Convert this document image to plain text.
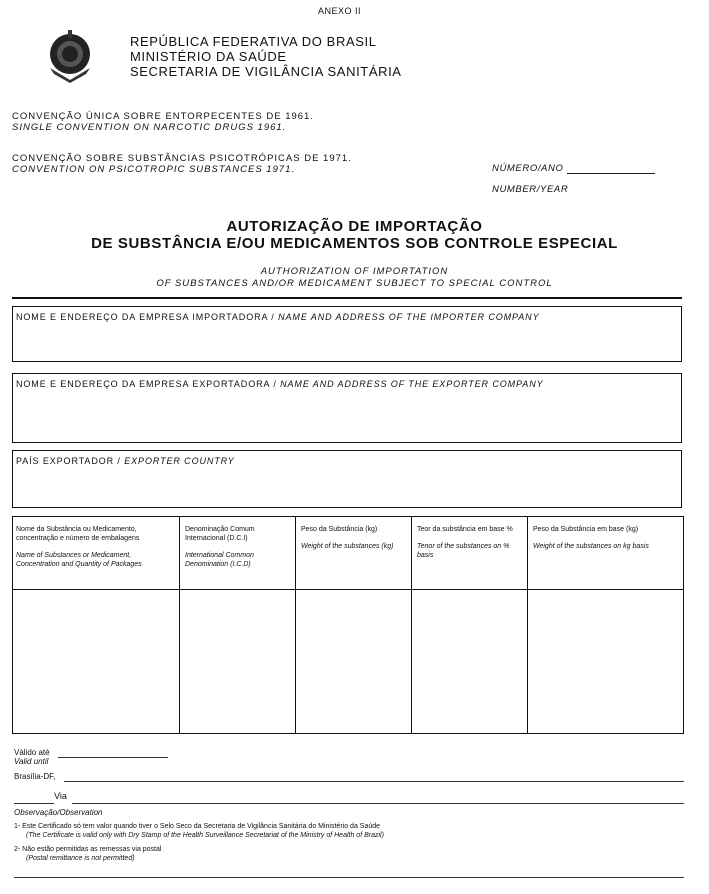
ANEXO II
REPÚBLICA FEDERATIVA DO BRASIL
MINISTÉRIO DA SAÚDE
SECRETARIA DE VIGILÂNCIA SANITÁRIA
CONVENÇÃO ÚNICA SOBRE ENTORPECENTES DE 1961.
SINGLE CONVENTION ON NARCOTIC DRUGS 1961.
CONVENÇÃO SOBRE SUBSTÂNCIAS PSICOTRÓPICAS DE 1971.
CONVENTION ON PSICOTROPIC SUBSTANCES 1971.	NÚMERO/ANO
NUMBER/YEAR
AUTORIZAÇÃO DE IMPORTAÇÃO
DE SUBSTÂNCIA E/OU MEDICAMENTOS SOB CONTROLE ESPECIAL
AUTHORIZATION OF IMPORTATION
OF SUBSTANCES AND/OR MEDICAMENT SUBJECT TO SPECIAL CONTROL
NOME E ENDEREÇO DA EMPRESA IMPORTADORA / NAME AND ADDRESS OF THE IMPORTER COMPANY
NOME E ENDEREÇO DA EMPRESA EXPORTADORA / NAME AND ADDRESS OF THE EXPORTER COMPANY
PAÍS EXPORTADOR / EXPORTER COUNTRY
Nome da Substância ou Medicamento, concentração e número de embalagens
Name of Substances or Medicament, Concentration and Quantity of Packages
Denominação Comum Internacional (D.C.I)
International Common Denomination (I.C.D)
Peso da Substância (kg)
Weight of the substances (kg)
Teor da substância em base %
Tenor of the substances on % basis
Peso da Substância em base (kg)
Weight of the substances on kg basis
Válido até
Valid until
Brasília-DF,
Via
Observação/Observation
1- Este Certificado só tem valor quando tiver o Selo Seco da Secretaria de Vigilância Sanitária do Ministério da Saúde
(The Certificate is valid only with Dry Stamp of the Health Surveillance Secretariat of the Ministry of Health of Brazil)
2- Não estão permitidas as remessas via postal
(Postal remittance is not permitted)
